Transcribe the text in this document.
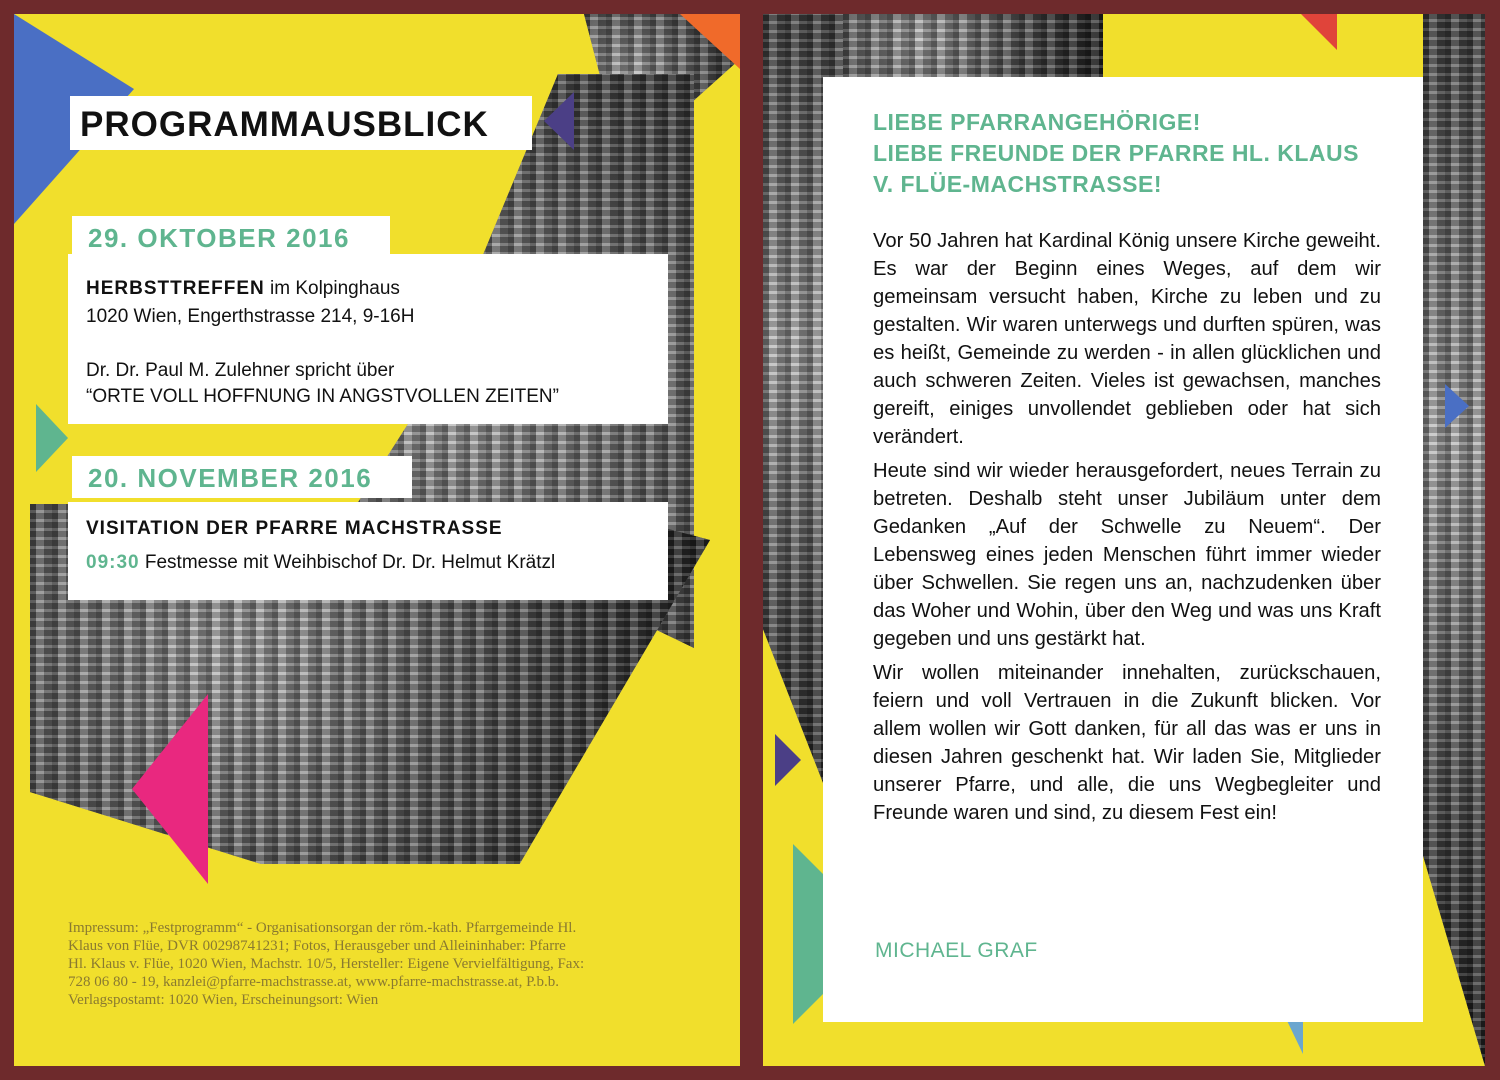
PROGRAMMAUSBLICK
29. OKTOBER 2016

HERBSTTREFFEN im Kolpinghaus

1020 Wien, Engerthstrasse 214, 9-16H

Dr. Dr. Paul M. Zulehner spricht über

“ORTE VOLL HOFFNUNG IN ANGSTVOLLEN ZEITEN”

20. NOVEMBER 2016

VISITATION DER PFARRE MACHSTRASSE

09:30 Festmesse mit Weihbischof Dr. Dr. Helmut Krätzl

Impressum: „Festprogramm“ - Organisationsorgan der röm.-kath. Pfarrgemeinde Hl.
Klaus von Flüe, DVR 00298741231; Fotos, Herausgeber und Alleininhaber: Pfarre
Hl. Klaus v. Flüe, 1020 Wien, Machstr. 10/5, Hersteller: Eigene Vervielfältigung, Fax:
728 06 80 - 19, kanzlei@pfarre-machstrasse.at, www.pfarre-machstrasse.at, P.b.b.
Verlagspostamt: 1020 Wien, Erscheinungsort: Wien
LIEBE PFARRANGEHÖRIGE!
LIEBE FREUNDE DER PFARRE HL. KLAUS
V. FLÜE-MACHSTRASSE!

Vor 50 Jahren hat Kardinal König unsere Kirche geweiht. Es war der Beginn eines Weges, auf dem wir gemeinsam versucht haben, Kirche zu leben und zu gestalten. Wir waren unterwegs und durften spüren, was es heißt, Gemeinde zu werden - in allen glücklichen und auch schweren Zeiten. Vieles ist gewachsen, manches gereift, einiges unvollendet geblieben oder hat sich verändert.

Heute sind wir wieder herausgefordert, neues Terrain zu betreten. Deshalb steht unser Jubiläum unter dem Gedanken „Auf der Schwelle zu Neuem“. Der Lebensweg eines jeden Menschen führt immer wieder über Schwellen. Sie regen uns an, nachzudenken über das Woher und Wohin, über den Weg und was uns Kraft gegeben und uns gestärkt hat.

Wir wollen miteinander innehalten, zurückschauen, feiern und voll Vertrauen in die Zukunft blicken. Vor allem wollen wir Gott danken, für all das was er uns in diesen Jahren geschenkt hat. Wir laden Sie, Mitglieder unserer Pfarre, und alle, die uns Wegbegleiter und Freunde waren und sind, zu diesem Fest ein!

MICHAEL GRAF
